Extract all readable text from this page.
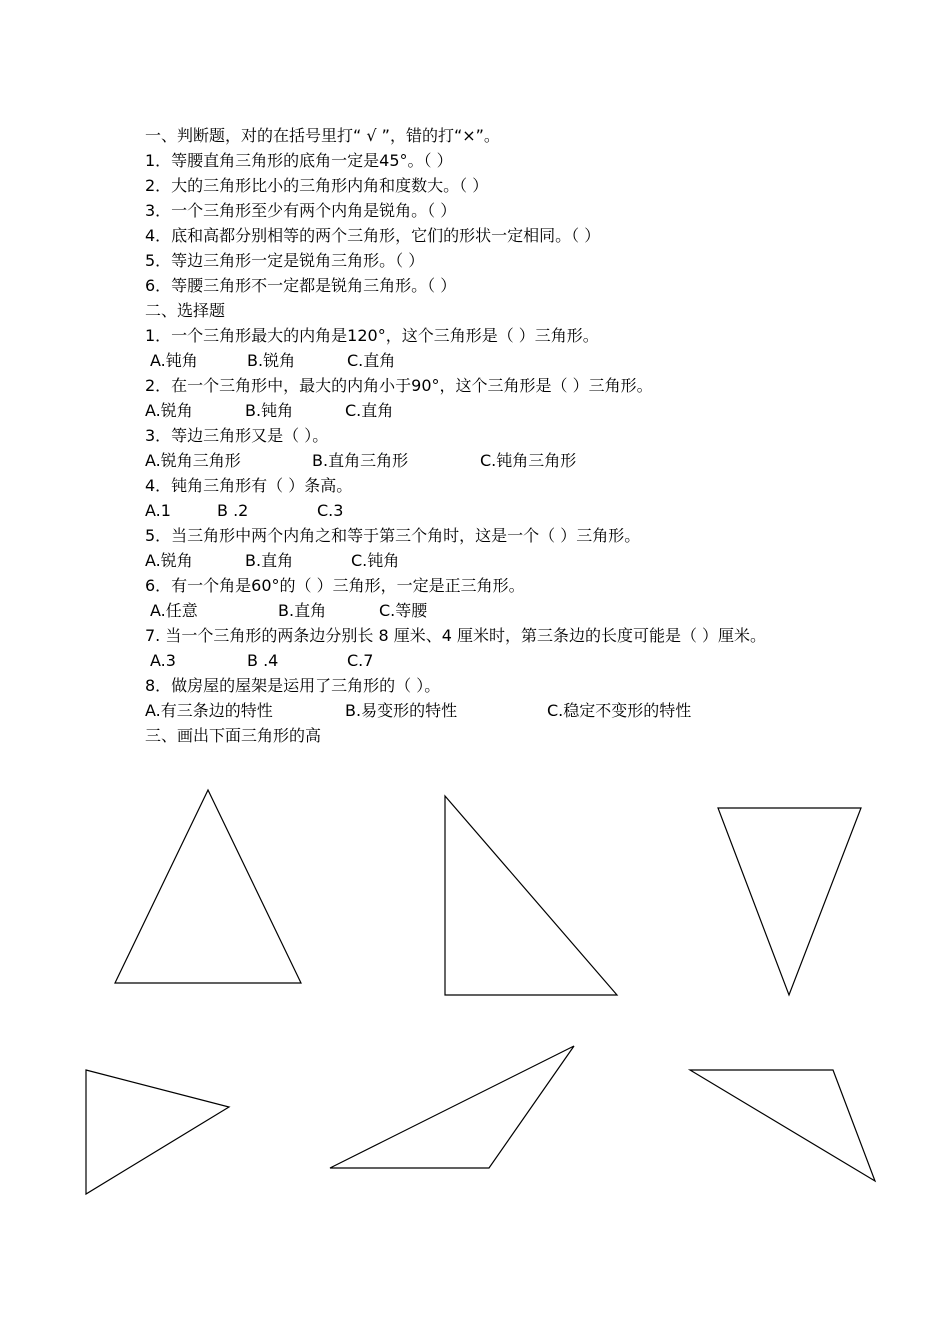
一、判断题，对的在括号里打“ √ ”，错的打“×”。
1．等腰直角三角形的底角一定是45°。（ ）
2．大的三角形比小的三角形内角和度数大。（ ）
3．一个三角形至少有两个内角是锐角。（ ）
4．底和高都分别相等的两个三角形，它们的形状一定相同。（ ）
5．等边三角形一定是锐角三角形。（ ）
6．等腰三角形不一定都是锐角三角形。（ ）
二、选择题
1．一个三角形最大的内角是120°，这个三角形是（ ）三角形。
A.钝角	B.锐角	C.直角
2．在一个三角形中，最大的内角小于90°，这个三角形是（ ）三角形。
A.锐角	B.钝角	C.直角
3．等边三角形又是（ ）。
A.锐角三角形	B.直角三角形	C.钝角三角形
4．钝角三角形有（ ）条高。
A.1	B .2	C.3
5．当三角形中两个内角之和等于第三个角时，这是一个（ ）三角形。
A.锐角	B.直角	C.钝角
6．有一个角是60°的（ ）三角形，一定是正三角形。
A.任意	B.直角	C.等腰
7. 当一个三角形的两条边分别长 8 厘米、4 厘米时，第三条边的长度可能是（ ）厘米。
A.3	B .4	C.7
8．做房屋的屋架是运用了三角形的（ ）。
A.有三条边的特性	B.易变形的特性	C.稳定不变形的特性
三、画出下面三角形的高
